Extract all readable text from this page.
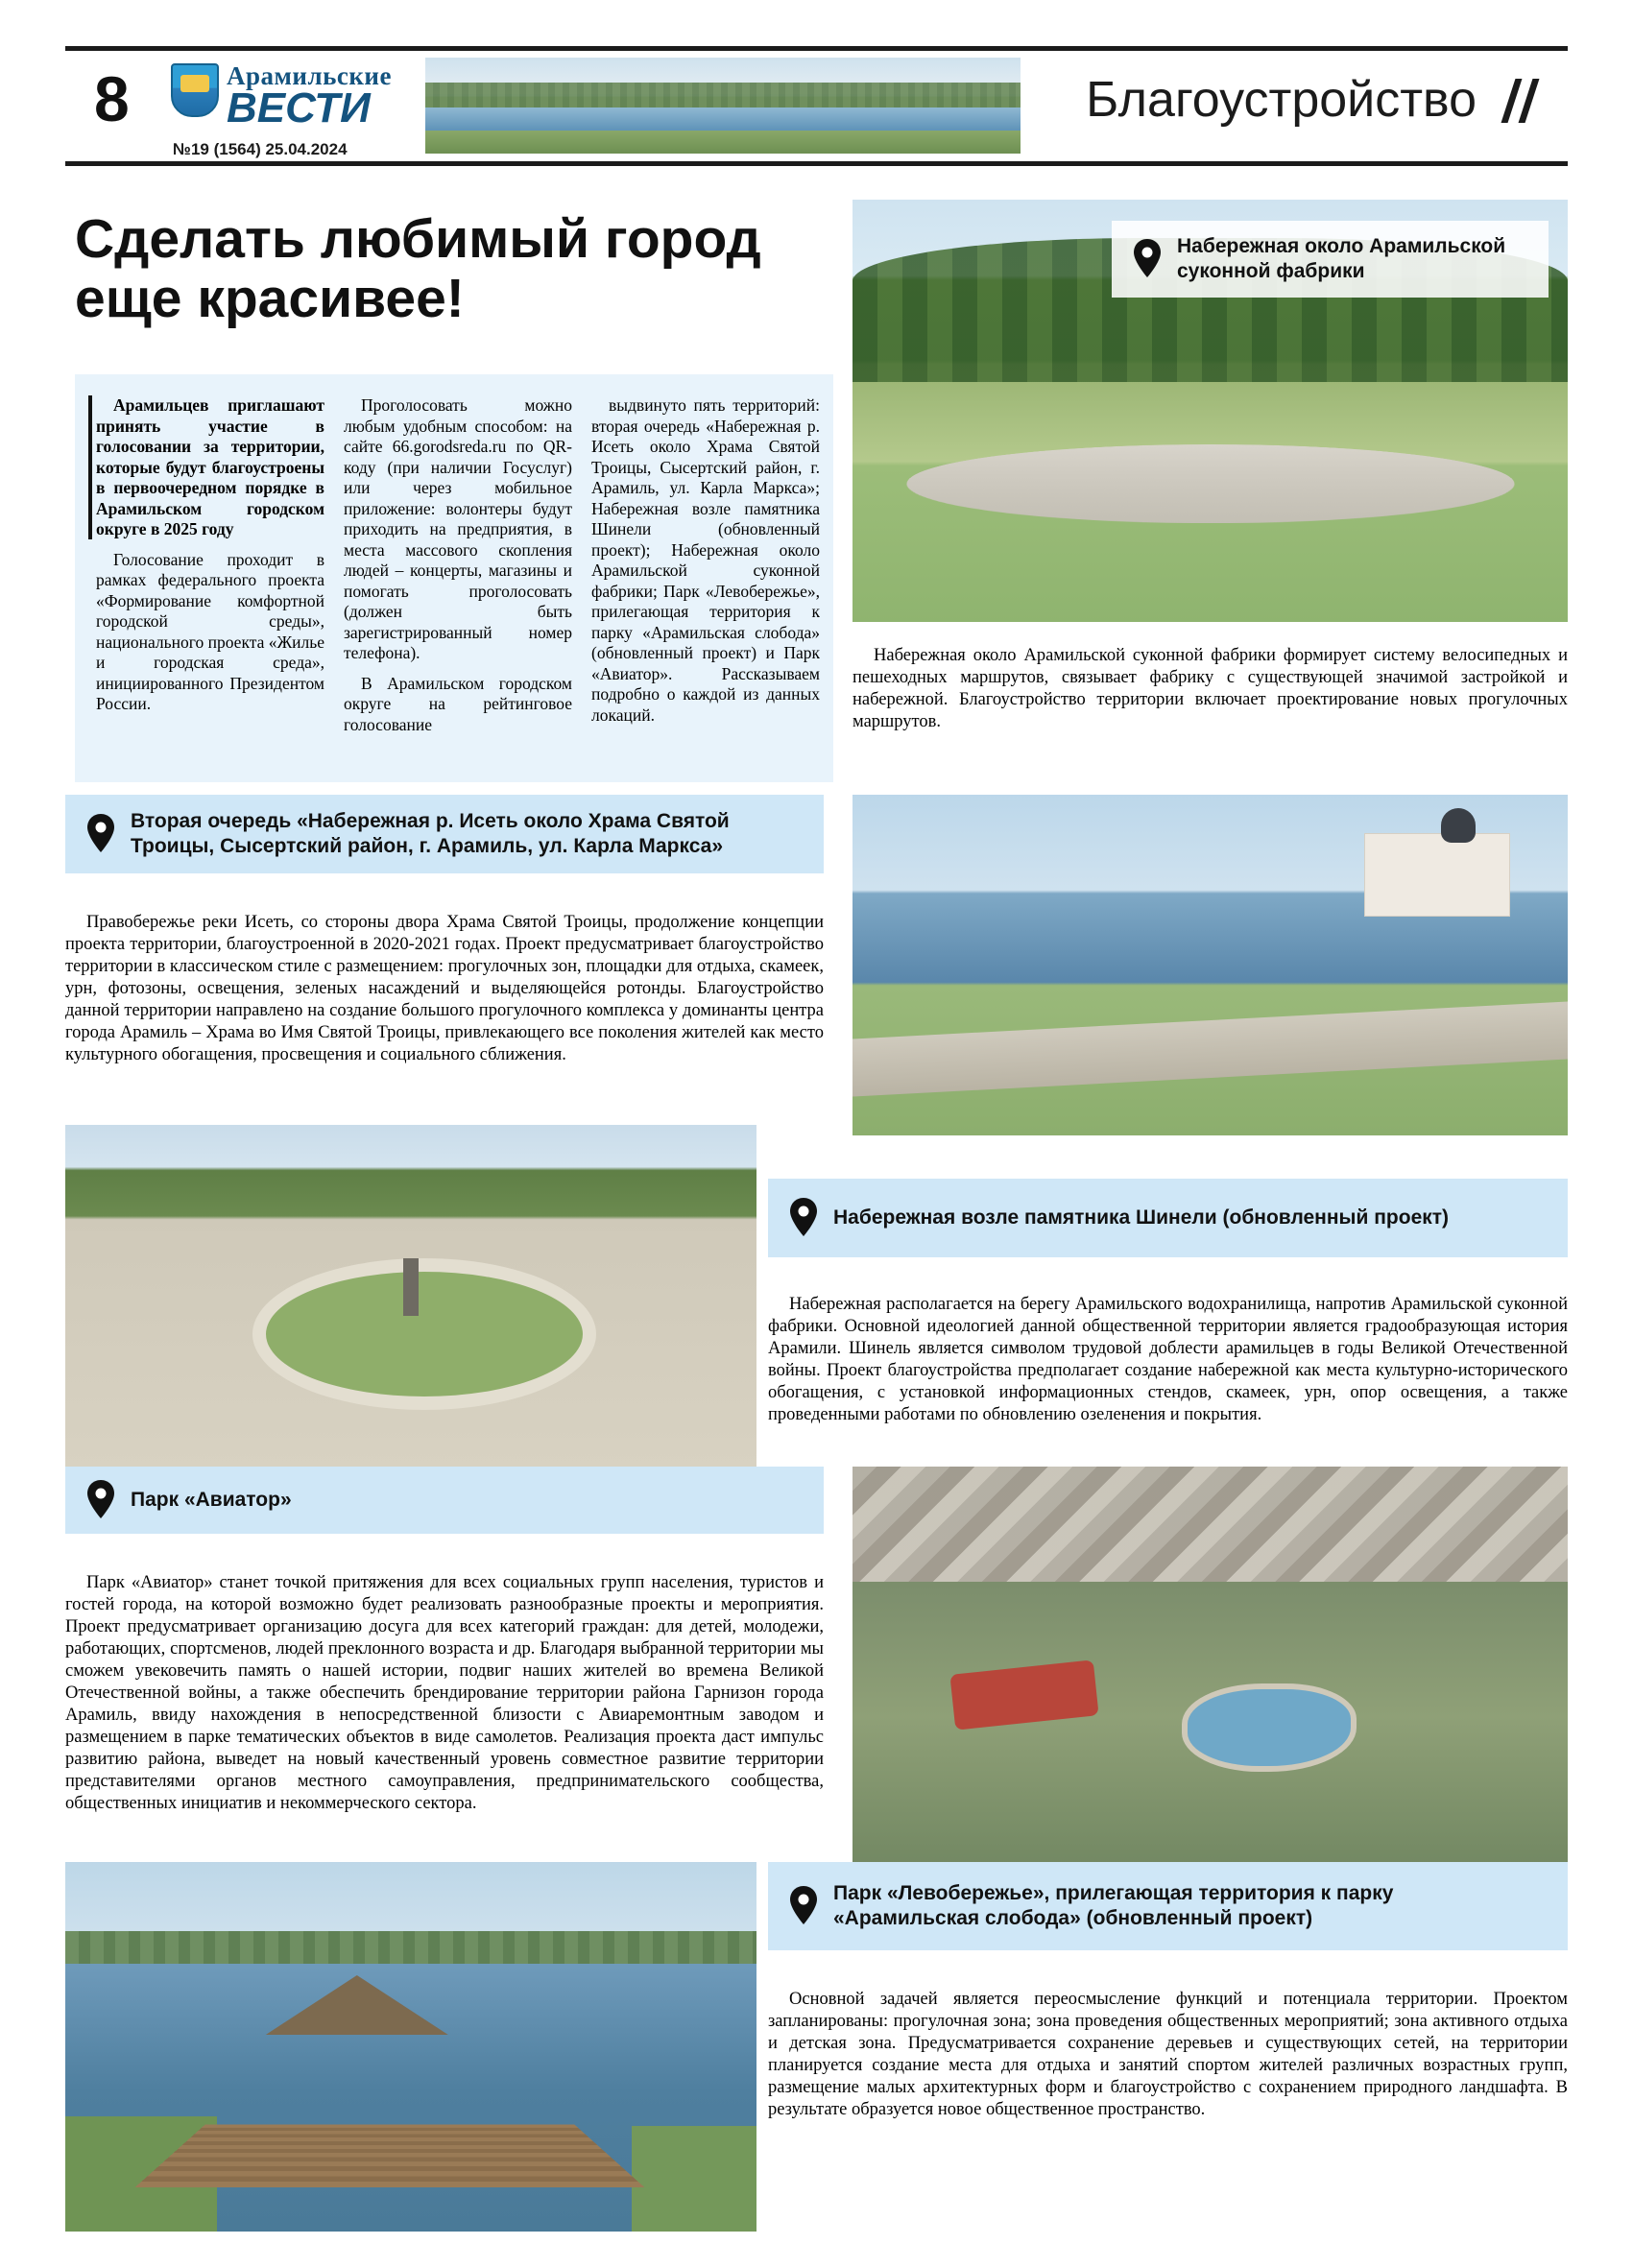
8	Арамильские
ВЕСТИ
№19 (1564) 25.04.2024
Благоустройство
Сделать любимый город еще красивее!

Арамильцев приглашают принять участие в голосовании за территории, которые будут благоустроены в первоочередном порядке в Арамильском городском округе в 2025 году

Голосование проходит в рамках федерального проекта «Формирование комфортной городской среды», национального проекта «Жилье и городская среда», инициированного Президентом России.

Проголосовать можно любым удобным способом: на сайте 66.gorodsreda.ru по QR-коду (при наличии Госуслуг) или через мобильное приложение: волонтеры будут приходить на предприятия, в места массового скопления людей – концерты, магазины и помогать проголосовать (должен быть зарегистрированный номер телефона).

В Арамильском городском округе на рейтинговое голосование

выдвинуто пять территорий: вторая очередь «Набережная р. Исеть около Храма Святой Троицы, Сысертский район, г. Арамиль, ул. Карла Маркса»; Набережная возле памятника Шинели (обновленный проект); Набережная около Арамильской суконной фабрики; Парк «Левобережье», прилегающая территория к парку «Арамильская слобода» (обновленный проект) и Парк «Авиатор». Рассказываем подробно о каждой из данных локаций.

Набережная около Арамильской суконной фабрики

Набережная около Арамильской суконной фабрики формирует систему велосипедных и пешеходных маршрутов, связывает фабрику с существующей значимой застройкой и набережной. Благоустройство территории включает проектирование новых прогулочных маршрутов.

Вторая очередь «Набережная р. Исеть около Храма Святой Троицы, Сысертский район, г. Арамиль, ул. Карла Маркса»

Правобережье реки Исеть, со стороны двора Храма Святой Троицы, продолжение концепции проекта территории, благоустроенной в 2020-2021 годах. Проект предусматривает благоустройство территории в классическом стиле с размещением: прогулочных зон, площадки для отдыха, скамеек, урн, фотозоны, освещения, зеленых насаждений и выделяющейся ротонды. Благоустройство данной территории направлено на создание большого прогулочного комплекса у доминанты центра города Арамиль – Храма во Имя Святой Троицы, привлекающего все поколения жителей как место культурного обогащения, просвещения и социального сближения.

Набережная возле памятника Шинели (обновленный проект)

Набережная располагается на берегу Арамильского водохранилища, напротив Арамильской суконной фабрики. Основной идеологией данной общественной территории является градообразующая история Арамили. Шинель является символом трудовой доблести арамильцев в годы Великой Отечественной войны. Проект благоустройства предполагает создание набережной как места культурно-исторического обогащения, с установкой информационных стендов, скамеек, урн, опор освещения, а также проведенными работами по обновлению озеленения и покрытия.

Парк «Авиатор»

Парк «Авиатор» станет точкой притяжения для всех социальных групп населения, туристов и гостей города, на которой возможно будет реализовать разнообразные проекты и мероприятия. Проект предусматривает организацию досуга для всех категорий граждан: для детей, молодежи, работающих, спортсменов, людей преклонного возраста и др. Благодаря выбранной территории мы сможем увековечить память о нашей истории, подвиг наших жителей во времена Великой Отечественной войны, а также обеспечить брендирование территории района Гарнизон города Арамиль, ввиду нахождения в непосредственной близости с Авиаремонтным заводом и размещением в парке тематических объектов в виде самолетов. Реализация проекта даст импульс развитию района, выведет на новый качественный уровень совместное развитие территории представителями органов местного самоуправления, предпринимательского сообщества, общественных инициатив и некоммерческого сектора.

Парк «Левобережье», прилегающая территория к парку «Арамильская слобода» (обновленный проект)

Основной задачей является переосмысление функций и потенциала территории. Проектом запланированы: прогулочная зона; зона проведения общественных мероприятий; зона активного отдыха и детская зона. Предусматривается сохранение деревьев и существующих сетей, на территории планируется создание места для отдыха и занятий спортом жителей различных возрастных групп, размещение малых архитектурных форм и благоустройство с сохранением природного ландшафта. В результате образуется новое общественное пространство.
